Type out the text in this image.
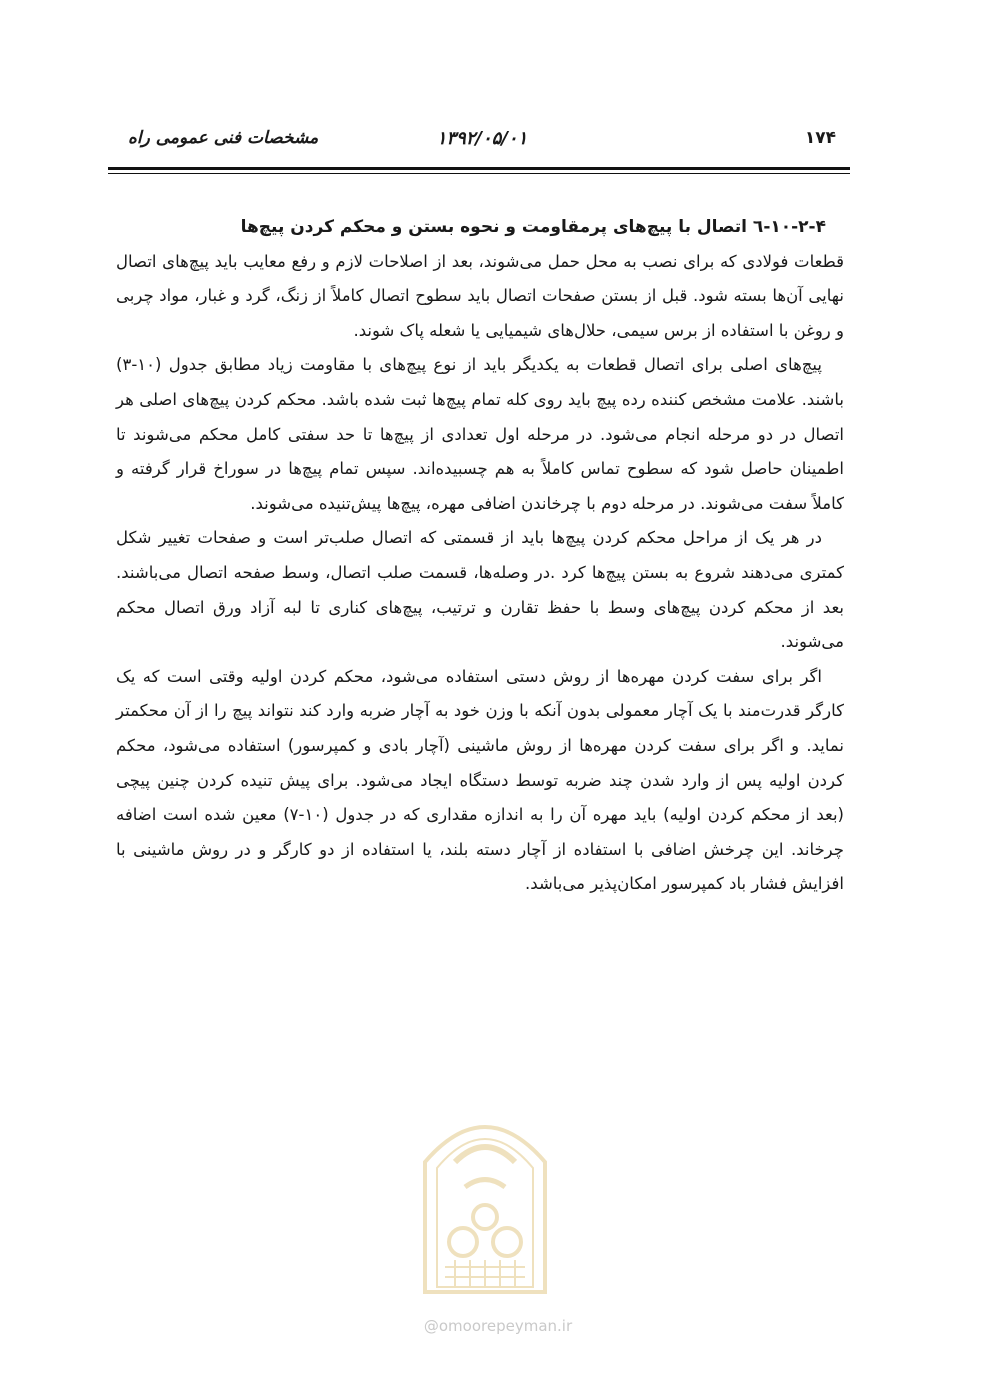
۱۷۴
۱۳۹۲/۰۵/۰۱
مشخصات فنی عمومی راه

۱۰-۲-۴-٦ اتصال با پیچ‌های پرمقاومت و نحوه بستن و محکم کردن پیچ‌ها

قطعات فولادی که برای نصب به محل حمل می‌شوند، بعد از اصلاحات لازم و رفع معایب باید پیچ‌های اتصال نهایی آن‌ها بسته شود. قبل از بستن صفحات اتصال باید سطوح اتصال کاملاً از زنگ، گرد و غبار، مواد چربی و روغن با استفاده از برس سیمی، حلال‌های شیمیایی یا شعله پاک شوند.

پیچ‌های اصلی برای اتصال قطعات به یکدیگر باید از نوع پیچ‌های با مقاومت زیاد مطابق جدول (۱۰-۳) باشند. علامت مشخص کننده رده پیچ باید روی کله تمام پیچ‌ها ثبت شده باشد. محکم کردن پیچ‌های اصلی هر اتصال در دو مرحله انجام می‌شود. در مرحله اول تعدادی از پیچ‌ها تا حد سفتی کامل محکم می‌شوند تا اطمینان حاصل شود که سطوح تماس کاملاً به هم چسبیده‌اند. سپس تمام پیچ‌ها در سوراخ قرار گرفته و کاملاً سفت می‌شوند. در مرحله دوم با چرخاندن اضافی مهره، پیچ‌ها پیش‌تنیده می‌شوند.

در هر یک از مراحل محکم کردن پیچ‌ها باید از قسمتی که اتصال صلب‌تر است و صفحات تغییر شکل کمتری می‌دهند شروع به بستن پیچ‌ها کرد .در وصله‌ها، قسمت صلب اتصال، وسط صفحه اتصال می‌باشند. بعد از محکم کردن پیچ‌های وسط با حفظ تقارن و ترتیب، پیچ‌های کناری تا لبه آزاد ورق اتصال محکم می‌شوند.

اگر برای سفت کردن مهره‌ها از روش دستی استفاده می‌شود، محکم کردن اولیه وقتی است که یک کارگر قدرت‌مند با یک آچار معمولی بدون آنکه با وزن خود به آچار ضربه وارد کند نتواند پیچ را از آن محکمتر نماید. و اگر برای سفت کردن مهره‌ها از روش ماشینی (آچار بادی و کمپرسور) استفاده می‌شود، محکم کردن اولیه پس از وارد شدن چند ضربه توسط دستگاه ایجاد می‌شود. برای پیش تنیده کردن چنین پیچی (بعد از محکم کردن اولیه) باید مهره آن را به اندازه مقداری که در جدول (۱۰-۷) معین شده است اضافه چرخاند. این چرخش اضافی با استفاده از آچار دسته بلند، یا استفاده از دو کارگر و در روش ماشینی با افزایش فشار باد کمپرسور امکان‌پذیر می‌باشد.

@omoorepeyman.ir
